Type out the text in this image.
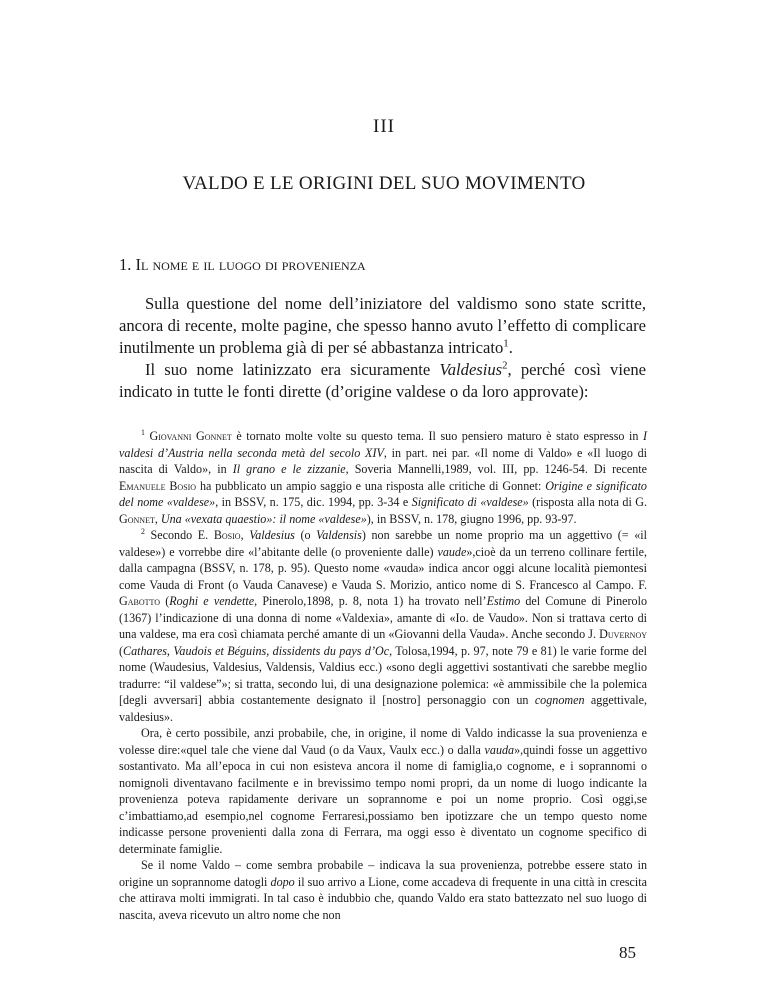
III
VALDO E LE ORIGINI DEL SUO MOVIMENTO
1. Il nome e il luogo di provenienza

Sulla questione del nome dell’iniziatore del valdismo sono state scritte, ancora di recente, molte pagine, che spesso hanno avuto l’effetto di complicare inutilmente un problema già di per sé abbastanza intricato$^1$.

Il suo nome latinizzato era sicuramente Valdesius$^2$, perché così viene indicato in tutte le fonti dirette (d’origine valdese o da loro approvate):

$^1$ Giovanni Gonnet è tornato molte volte su questo tema. Il suo pensiero maturo è stato espresso in I valdesi d’Austria nella seconda metà del secolo XIV, in part. nei par. «Il nome di Valdo» e «Il luogo di nascita di Valdo», in Il grano e le zizzanie, Soveria Mannelli,1989, vol. III, pp. 1246-54. Di recente Emanuele Bosio ha pubblicato un ampio saggio e una risposta alle critiche di Gonnet: Origine e significato del nome «valdese», in BSSV, n. 175, dic. 1994, pp. 3-34 e Significato di «valdese» (risposta alla nota di G. Gonnet, Una «vexata quaestio»: il nome «valdese»), in BSSV, n. 178, giugno 1996, pp. 93-97.

$^2$ Secondo E. Bosio, Valdesius (o Valdensis) non sarebbe un nome proprio ma un aggettivo (= «il valdese») e vorrebbe dire «l’abitante delle (o proveniente dalle) vaude»,cioè da un terreno collinare fertile, dalla campagna (BSSV, n. 178, p. 95). Questo nome «vauda» indica ancor oggi alcune località piemontesi come Vauda di Front (o Vauda Canavese) e Vauda S. Morizio, antico nome di S. Francesco al Campo. F. Gabotto (Roghi e vendette, Pinerolo,1898, p. 8, nota 1) ha trovato nell’Estimo del Comune di Pinerolo (1367) l’indicazione di una donna di nome «Valdexia», amante di «Io. de Vaudo». Non si trattava certo di una valdese, ma era così chiamata perché amante di un «Giovanni della Vauda». Anche secondo J. Duvernoy (Cathares, Vaudois et Béguins, dissidents du pays d’Oc, Tolosa,1994, p. 97, note 79 e 81) le varie forme del nome (Waudesius, Valdesius, Valdensis, Valdius ecc.) «sono degli aggettivi sostantivati che sarebbe meglio tradurre: “il valdese”»; si tratta, secondo lui, di una designazione polemica: «è ammissibile che la polemica [degli avversari] abbia costantemente designato il [nostro] personaggio con un cognomen aggettivale, valdesius».

Ora, è certo possibile, anzi probabile, che, in origine, il nome di Valdo indicasse la sua provenienza e volesse dire:«quel tale che viene dal Vaud (o da Vaux, Vaulx ecc.) o dalla vauda»,quindi fosse un aggettivo sostantivato. Ma all’epoca in cui non esisteva ancora il nome di famiglia,o cognome, e i soprannomi o nomignoli diventavano facilmente e in brevissimo tempo nomi propri, da un nome di luogo indicante la provenienza poteva rapidamente derivare un soprannome e poi un nome proprio. Così oggi,se c’imbattiamo,ad esempio,nel cognome Ferraresi,possiamo ben ipotizzare che un tempo questo nome indicasse persone provenienti dalla zona di Ferrara, ma oggi esso è diventato un cognome specifico di determinate famiglie.

Se il nome Valdo – come sembra probabile – indicava la sua provenienza, potrebbe essere stato in origine un soprannome datogli dopo il suo arrivo a Lione, come accadeva di frequente in una città in crescita che attirava molti immigrati. In tal caso è indubbio che, quando Valdo era stato battezzato nel suo luogo di nascita, aveva ricevuto un altro nome che non

85
